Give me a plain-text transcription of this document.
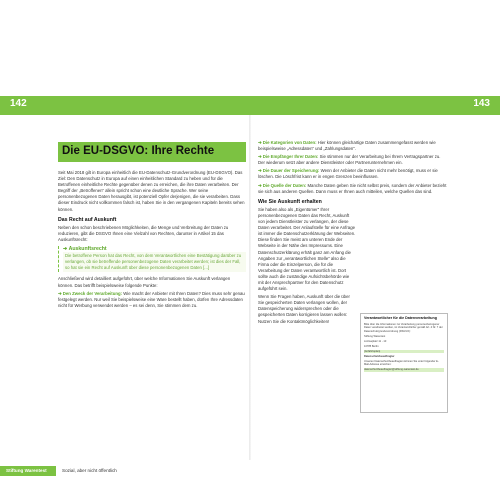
142	143
Die EU-DSGVO: Ihre Rechte

Seit Mai 2018 gilt in Europa einheitlich die EU-Datenschutz-Grundverordnung (EU-DSGVO). Das Ziel: Den Datenschutz in Europa auf einen einheitlichen Standard zu heben und für die Betroffenen einheitliche Rechte gegenüber denen zu erreichen, die ihre Daten verarbeiten. Der Begriff der „Betroffenen“ allein spricht schon eine deutliche Sprache. Wer seine personenbezogenen Daten herausgibt, ist potenziell Opfer derjenigen, die sie verarbeiten. Dass dieser Eindruck nicht vollkommen falsch ist, haben Sie in den vergangenen Kapiteln bereits sehen können.

Das Recht auf Auskunft

Neben den schon beschriebenen Möglichkeiten, die Menge und Verbreitung der Daten zu reduzieren, gibt die DSGVO Ihnen eine Vielzahl von Rechten, darunter in Artikel 15 das Auskunftsrecht:

➔ Auskunftsrecht
Die betroffene Person hat das Recht, von dem Verantwortlichen eine Bestätigung darüber zu verlangen, ob sie betreffende personenbezogene Daten verarbeitet werden; ist dies der Fall, so hat sie ein Recht auf Auskunft über diese personenbezogenen Daten [...]

Anschließend wird detailliert aufgeführt, über welche Informationen Sie Auskunft verlangen können. Das betrifft beispielsweise folgende Punkte:

➔ Den Zweck der Verarbeitung: Wie macht der Anbieter mit Ihren Daten? Dies muss sehr genau festgelegt werden. Nur weil Sie beispielsweise eine Ware bestellt haben, dürfen Ihre Adressdaten nicht für Werbung verwendet werden – es sei denn, Sie stimmen dem zu.

➔ Die Kategorien von Daten: Hier können gleichartige Daten zusammengefasst werden wie beispielsweise „Adressdaten“ und „Zahlungsdaten“.

➔ Die Empfänger Ihrer Daten: Sie stimmen nur der Verarbeitung bei Ihrem Vertragspartner zu. Der wiederum setzt aber andere Dienstleister oder Partnerunternehmen ein.

➔ Die Dauer der Speicherung: Wenn der Anbieter die Daten nicht mehr benötigt, muss er sie löschen. Die Löschfrist kann er in engen Grenzen beeinflussen.

➔ Die Quelle der Daten: Manche Daten geben Sie nicht selbst preis, sondern der Anbieter bezieht sie sich aus anderen Quellen. Dann muss er Ihnen auch mitteilen, welche Quellen das sind.

Wie Sie Auskunft erhalten

Sie haben also als „Eigentümer“ Ihrer personenbezogenen Daten das Recht, Auskunft von jedem Dienstleister zu verlangen, der diese Daten verarbeitet. Der Anlaufstelle für eine Anfrage ist immer die Datenschutzerklärung der Webseiten. Diese finden Sie meist am unteren Ende der Webseite in der Nähe des Impressums. Eine Datenschutzerklärung erhält ganz am Anfang die Angaben zur „verantwortlichen Stelle“ also die Firma oder die Einzelperson, die für die Verarbeitung der Daten verantwortlich ist. Dort sollte auch die zuständige Aufsichtsbehörde wie mit der Ansprechpartner für den Datenschutz aufgeführt sein.

Wenn Sie Fragen haben, Auskunft über die über Sie gespeicherten Daten verlangen wollen, der Datenspeicherung widersprechen oder die gespeicherten Daten korrigieren lassen wollen: Nutzen Sie die Kontaktmöglichkeiten!

Verantwortlicher für die Datenverarbeitung
Bitte über die Informationen zur Verarbeitung personenbezogener Daten verarbeitet werden, ist Verantwortlicher gemäß Art. 4 Nr. 7 der Datenschutzgrundverordnung (DSGVO):
Stiftung Warentest
Lützowplatz 11 - 13
10785 Berlin
(Anfahrtsplan)
Datenschutzbeauftragter
Unseren Datenschutzbeauftragten können Sie unter folgender E-Mail-Adresse erreichen:
datenschutzbeauftragter@stiftung-warentest.de
Stiftung Warentest	Sozial, aber nicht öffentlich
